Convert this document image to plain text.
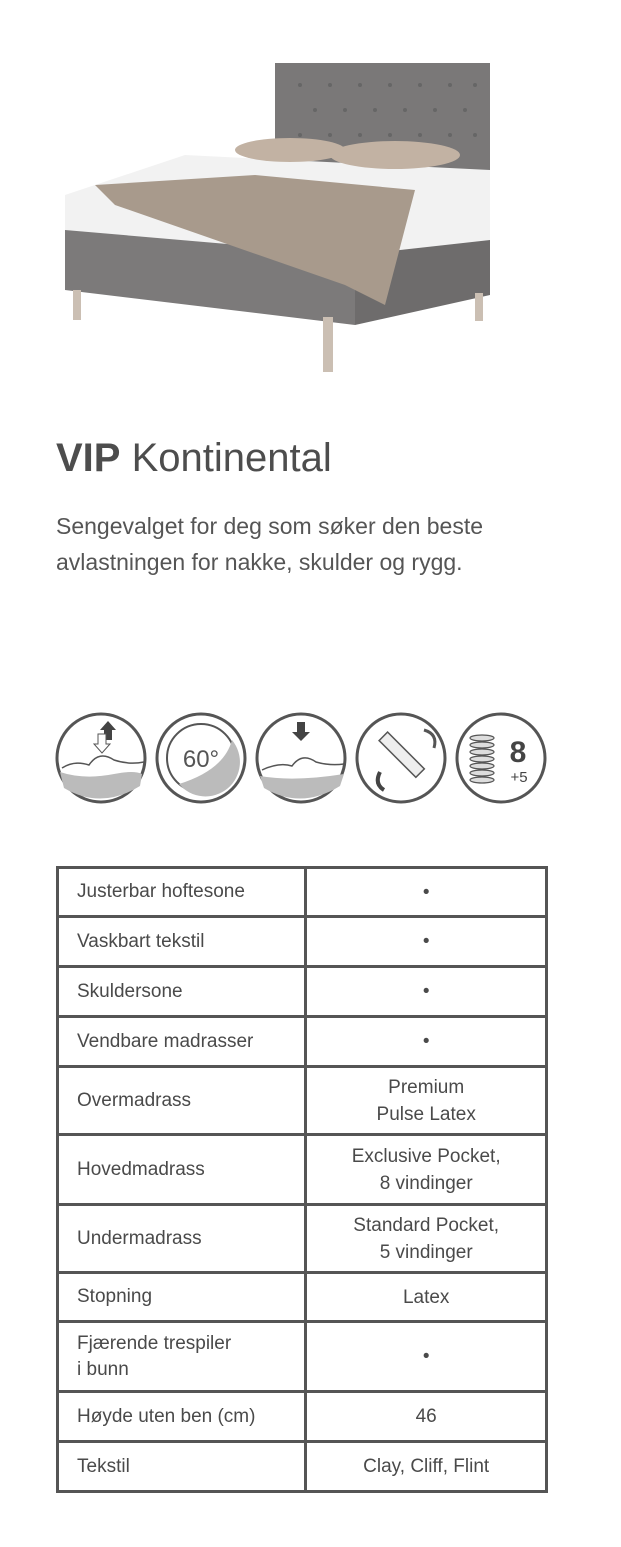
VIP Kontinental
Sengevalget for deg som søker den beste avlastningen for nakke, skulder og rygg.
60°	8
+5
Justerbar hoftesone	•
Vaskbart tekstil	•
Skuldersone	•
Vendbare madrasser	•
Overmadrass	Premium
Pulse Latex
Hovedmadrass	Exclusive Pocket,
8 vindinger
Undermadrass	Standard Pocket,
5 vindinger
Stopning	Latex
Fjærende trespiler
i bunn	•
Høyde uten ben (cm)	46
Tekstil	Clay, Cliff, Flint
